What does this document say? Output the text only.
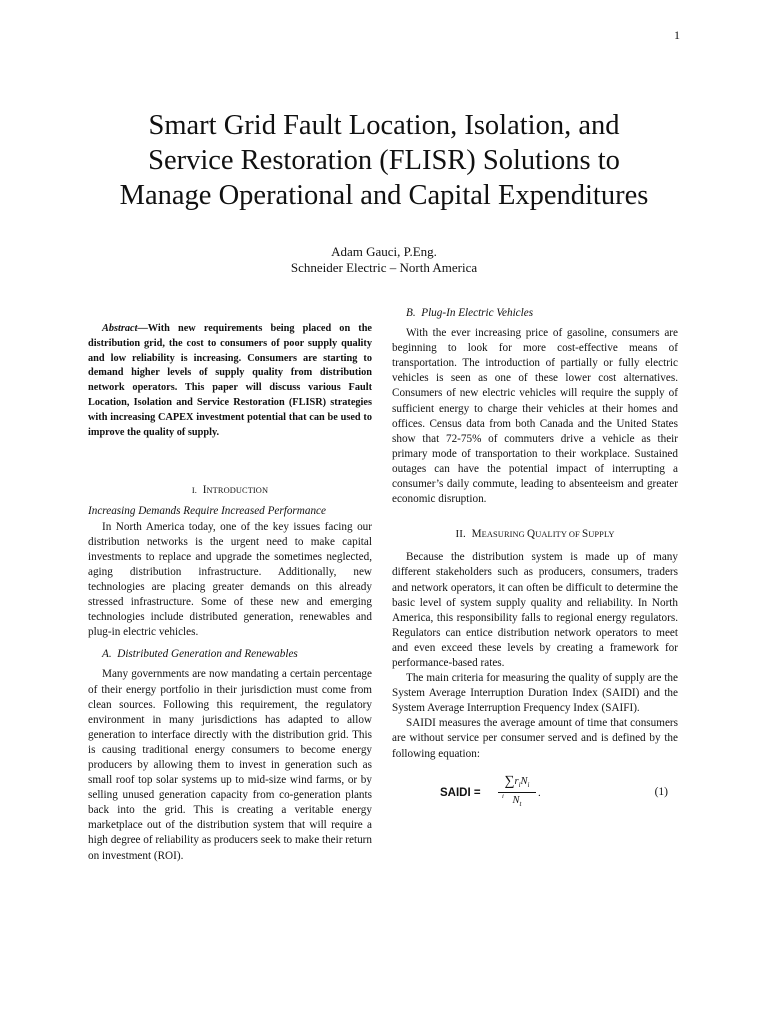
1
Smart Grid Fault Location, Isolation, and
Service Restoration (FLISR) Solutions to
Manage Operational and Capital Expenditures
Adam Gauci, P.Eng.
Schneider Electric – North America

Abstract—With new requirements being placed on the distribution grid, the cost to consumers of poor supply quality and low reliability is increasing. Consumers are starting to demand higher levels of supply quality from distribution network operators. This paper will discuss various Fault Location, Isolation and Service Restoration (FLISR) strategies with increasing CAPEX investment potential that can be used to improve the quality of supply.

I. INTRODUCTION

Increasing Demands Require Increased Performance

In North America today, one of the key issues facing our distribution networks is the urgent need to make capital investments to replace and upgrade the sometimes neglected, aging distribution infrastructure. Additionally, new technologies are placing greater demands on this already stressed infrastructure. Some of these new and emerging technologies include distributed generation, renewables and plug-in electric vehicles.

A. Distributed Generation and Renewables

Many governments are now mandating a certain percentage of their energy portfolio in their jurisdiction must come from clean sources. Following this requirement, the regulatory environment in many jurisdictions has adapted to allow generation to interface directly with the distribution grid. This is causing traditional energy consumers to become energy producers by allowing them to invest in generation such as small roof top solar systems up to mid-size wind farms, or by selling unused generation capacity from co-generation plants back into the grid. This is creating a veritable energy marketplace out of the distribution system that will require a high degree of reliability as producers seek to make their return on investment (ROI).

B. Plug-In Electric Vehicles

With the ever increasing price of gasoline, consumers are beginning to look for more cost-effective means of transportation. The introduction of partially or fully electric vehicles is seen as one of these lower cost alternatives. Consumers of new electric vehicles will require the supply of sufficient energy to charge their vehicles at their homes and offices. Census data from both Canada and the United States show that 72-75% of commuters drive a vehicle as their primary mode of transportation to their workplace. Sustained outages can have the potential impact of interrupting a consumer’s daily commute, leading to absenteeism and greater economic disruption.

II. MEASURING QUALITY OF SUPPLY

Because the distribution system is made up of many different stakeholders such as producers, consumers, traders and network operators, it can often be difficult to determine the basic level of system supply quality and reliability. In North America, this responsibility falls to regional energy regulators. Regulators can entice distribution network operators to meet and even exceed these levels by creating a framework for performance-based rates.

The main criteria for measuring the quality of supply are the System Average Interruption Duration Index (SAIDI) and the System Average Interruption Frequency Index (SAIFI).

SAIDI measures the average amount of time that consumers are without service per consumer served and is defined by the following equation:

SAIDI =
$\sum r_iN_i$
i $N_t$
.	(1)
